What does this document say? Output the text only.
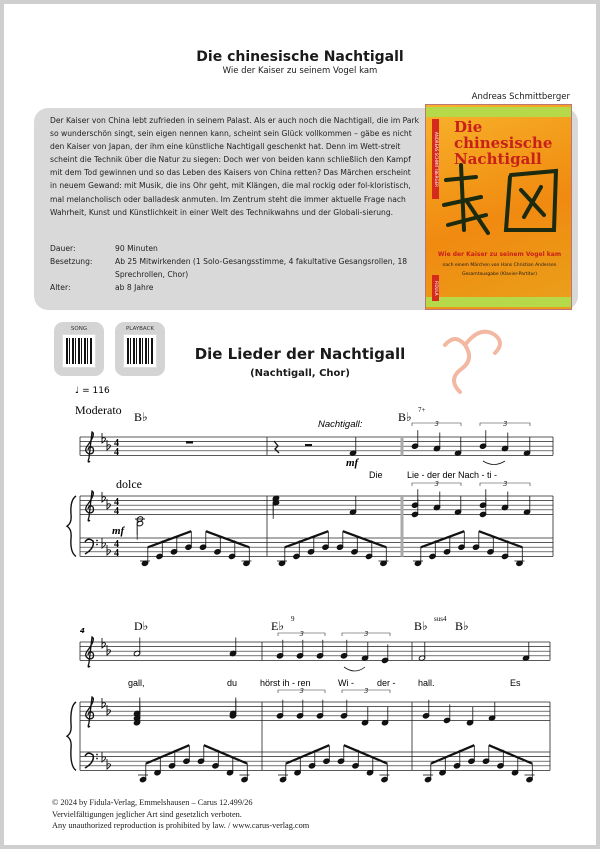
Die chinesische Nachtigall
Wie der Kaiser zu seinem Vogel kam
Andreas Schmittberger
Der Kaiser von China lebt zufrieden in seinem Palast. Als er auch noch die Nachtigall, die im Park so wunderschön singt, sein eigen nennen kann, scheint sein Glück vollkommen – gäbe es nicht den Kaiser von Japan, der ihm eine künstliche Nachtigall geschenkt hat. Denn im Wett-streit scheint die Technik über die Natur zu siegen: Doch wer von beiden kann schließlich den Kampf mit dem Tod gewinnen und so das Leben des Kaisers von China retten? Das Märchen erscheint in neuem Gewand: mit Musik, die ins Ohr geht, mit Klängen, die mal rockig oder fol-kloristisch, mal melancholisch oder balladesk anmuten. Im Zentrum steht die immer aktuelle Frage nach Wahrheit, Kunst und Künstlichkeit in einer Welt des Technikwahns und der Globali-sierung.
Dauer:	90 Minuten
Besetzung:	Ab 25 Mitwirkenden (1 Solo-Gesangsstimme, 4 fakultative Gesangsrollen, 18 Sprechrollen, Chor)
Alter:	ab 8 Jahre
ANDREAS SCHMITTBERGER
FIDULA
Die chinesische Nachtigall
Wie der Kaiser zu seinem Vogel kam
nach einem Märchen von Hans Christian Andersen
Gesamtausgabe (Klavier-Partitur)
SONG	PLAYBACK
Die Lieder der Nachtigall
(Nachtigall, Chor)
♩ = 116
Moderato
Nachtigall:
dolce
mf
mf
B♭	B♭ 7+
Die	Lie - der der Nach - ti -
4	D♭	E♭ 9	B♭ sus4 B♭
gall,	du	hörst ih - ren	Wi -	der - hall.	Es
4
4
4
4
4
4
3	3
3	3
3	3
3	3
© 2024 by Fidula-Verlag, Emmelshausen – Carus 12.499/26
Vervielfältigungen jeglicher Art sind gesetzlich verboten.
Any unauthorized reproduction is prohibited by law. / www.carus-verlag.com
